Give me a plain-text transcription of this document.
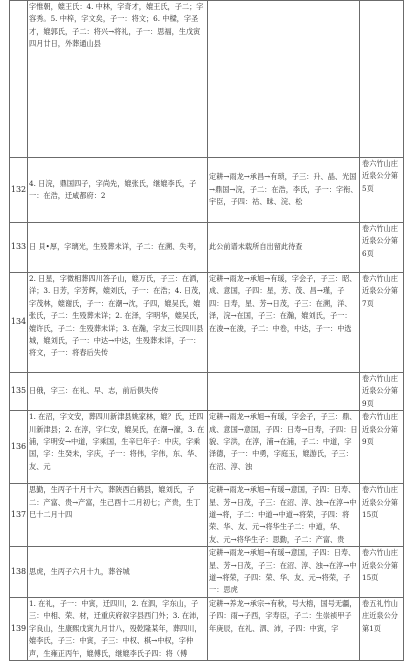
	字惟朝，媲王氏：4. 中林，字奇才，媲王氏，子二；字容秀。5. 中梓，字文矣，子一：将文；6. 中樑，字圣才，媲郭氏，子二：将兴→将礼，子一：思福，生戊寅四月廿日，外葬通山县		
132	4. 日浣，鼎国四子，字尚先，媲张氏，继媲李氏，子一：在浩，迁咸都府：2	定耕→雨龙→承昌→有琐，子三：升、晶、光国→鼎国→浣，子二：在浩，李氏，子一：字衔、宇臣，子四：祜、昧、浣、松	卷六竹山庄近泉公分第5页
133	日 貝•厚，字璃光，生殁葬未详，子二：在溯、失考，	此公前谱未载所自出留此待查	卷六竹山庄近泉公分第6页
134	2. 日星，字微相葬四川答子山，媲万氏，子三：在洒，洋；3. 日芳，字芳辉，媲刘氏，子一：在浩；4. 日茂，字茂林，媲谢氏，子一：在潮→沈，子四，媲吴氏，媲张氏，子二：生殁葬未详；2. 在泽，字明华，媲吴氏，媲许氏，子二：生殁葬未详；3. 在瀚，字友三长四川县城，媲刘氏，子一：中达→中达，生殁葬未详，子一：将文，子一：将春后失传	定耕→雨龙→承旭→有瑗，字会子，子三：昭、成、意国，子四：星，芳、茂、昌→瑾，子四：日寿，星、芳→日茂，子三：在溯，洋、泽，浣→在国，子三：在瀚，媲刘氏，子一：在浚→在浚，子二：中卷，中达，子一：中选	卷六竹山庄近泉公分第7页
135	日俄，字三：在礼、早、志，前后俱失传		卷六竹山庄近泉公分第9页
136	1. 在沼，字文安，葬四川新津县姚家林，媲？氏，迁四川新津县；2. 在淳，字仁安，媲吴氏，在潮→濠，3. 在浦，字明安→中道，字乘国，生辛巳年子：中庆，字乘国，字：生癸未，字庆，子一：将伟，字伟，东、华、友、元	定耕→雨龙→承旭→有瑗，字会子，子三：鼎、成、意国→意国，子四：日寿→日寿，子四：日貌、字洪，在淳，浦→在浦，子二：中道，字泽德，子一：中勇，字庭玉，媲游氏，子三：在沼、淳、浊	卷六竹山庄近泉公分第9页
137	思勤，生丙子十月十六，葬陕西白鹤县，媲刘氏，子二：产富、贵→产富，生己酉十二月初七；产贵，生丁巳十二月十四	定耕→雨龙→承旭→有瑗→意国，子四：日寿、星、芳→日茂，子三：在沼、淳、浊→在淳→中道→将，子二：中道→中道→将荣，子四：将荣、华、友、元→将华生子二：中道，华、友、元→将华生子：思勤，子二：产富、贵	卷六竹山庄近泉公分第15页
138	思虎，生丙子六月十九，葬谷城	定耕→雨龙→承旭→有瑗→意国，子四：日寿、星、芳→日茂，子三：在沼、淳、浊→在淳→中道→将荣，子四：荣、华、友、元→将荣，子一：思虎	卷六竹山庄近泉公分第15页
139	1. 在礼，子一：中寅，迁四川，2. 在泗，字东山，子三：中相、荣、材，迁重庆府叙字县西门外；3. 在沛，字良山，生康熙戊寅九月廿八，殁乾隆某年，葬四川，媲李氏，子三：中寅，子三：中权、棋→中权，字仲声，生雍正丙午，媲傅氏，继媲李氏子四：将（傅	定耕→养龙→承宗→有秋，号大榕，国号无疆，子四：雨→子西，字寿臣，子二：生崇祯甲子年庚辰，在礼、泗、沛，子四：中寅，字	卷五礼竹山庄近泉公分第1页
